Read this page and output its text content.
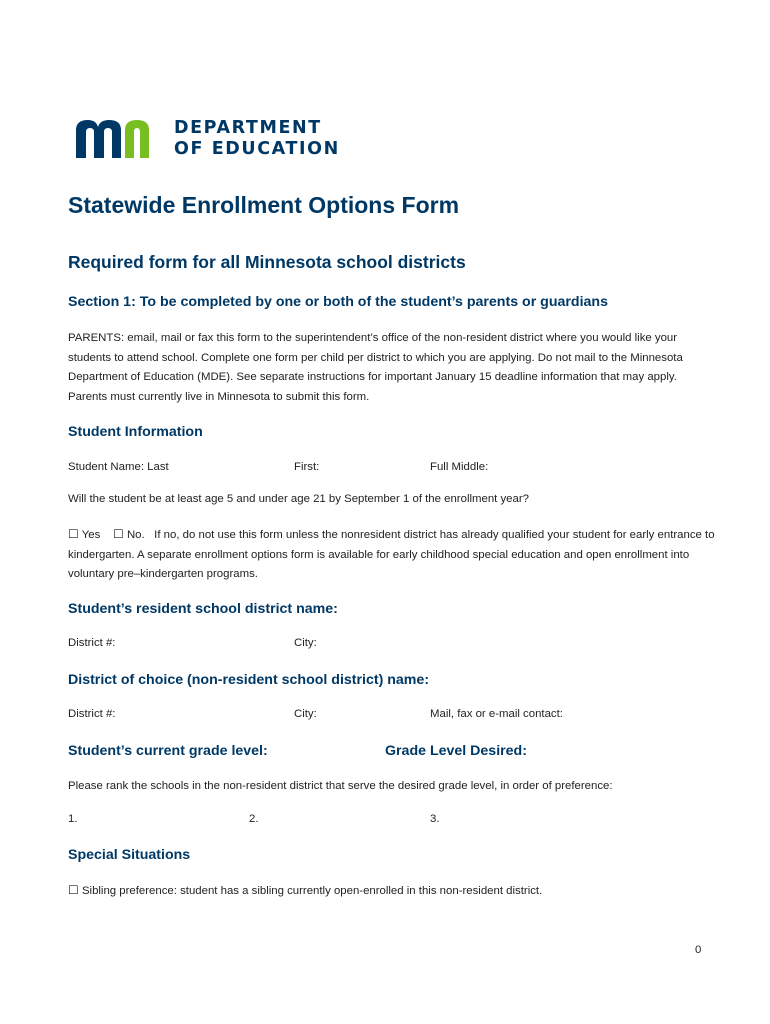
DEPARTMENT
OF EDUCATION
Statewide Enrollment Options Form
Required form for all Minnesota school districts
Section 1: To be completed by one or both of the student’s parents or guardians
PARENTS: email, mail or fax this form to the superintendent’s office of the non-resident district where you would like your students to attend school. Complete one form per child per district to which you are applying. Do not mail to the Minnesota Department of Education (MDE). See separate instructions for important January 15 deadline information that may apply. Parents must currently live in Minnesota to submit this form.
Student Information
Student Name: Last	First:	Full Middle:
Will the student be at least age 5 and under age 21 by September 1 of the enrollment year?
☐ Yes ☐ No. If no, do not use this form unless the nonresident district has already qualified your student for early entrance to kindergarten. A separate enrollment options form is available for early childhood special education and open enrollment into voluntary pre–kindergarten programs.
Student’s resident school district name:
District #:	City:
District of choice (non-resident school district) name:
District #:	City:	Mail, fax or e-mail contact:
Student’s current grade level:	Grade Level Desired:
Please rank the schools in the non-resident district that serve the desired grade level, in order of preference:
1.	2.	3.
Special Situations
☐ Sibling preference: student has a sibling currently open-enrolled in this non-resident district.
0
